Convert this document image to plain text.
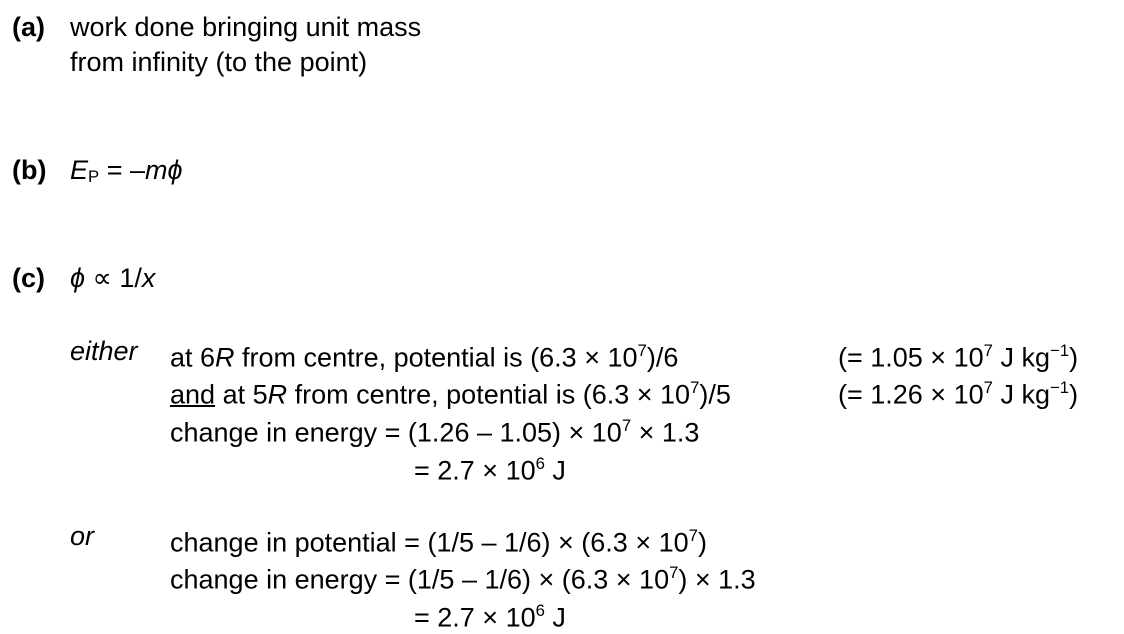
(a) work done bringing unit mass
from infinity (to the point)
(b) EP = –mϕ
(c) ϕ ∝ 1/x
either at 6R from centre, potential is $(6.3 \times 10^7)/6$	(= $1.05 \times 10^7$ J $kg^{-1}$)
and at 5R from centre, potential is $(6.3 \times 10^7)/5$	(= $1.26 \times 10^7$ J $kg^{-1}$)
change in energy = $(1.26 - 1.05) \times 10^7 \times 1.3$
= $2.7 \times 10^6$ J
or	change in potential = $(1/5 - 1/6) \times (6.3 \times 10^7)$
change in energy = $(1/5 - 1/6) \times (6.3 \times 10^7) \times 1.3$
= $2.7 \times 10^6$ J
